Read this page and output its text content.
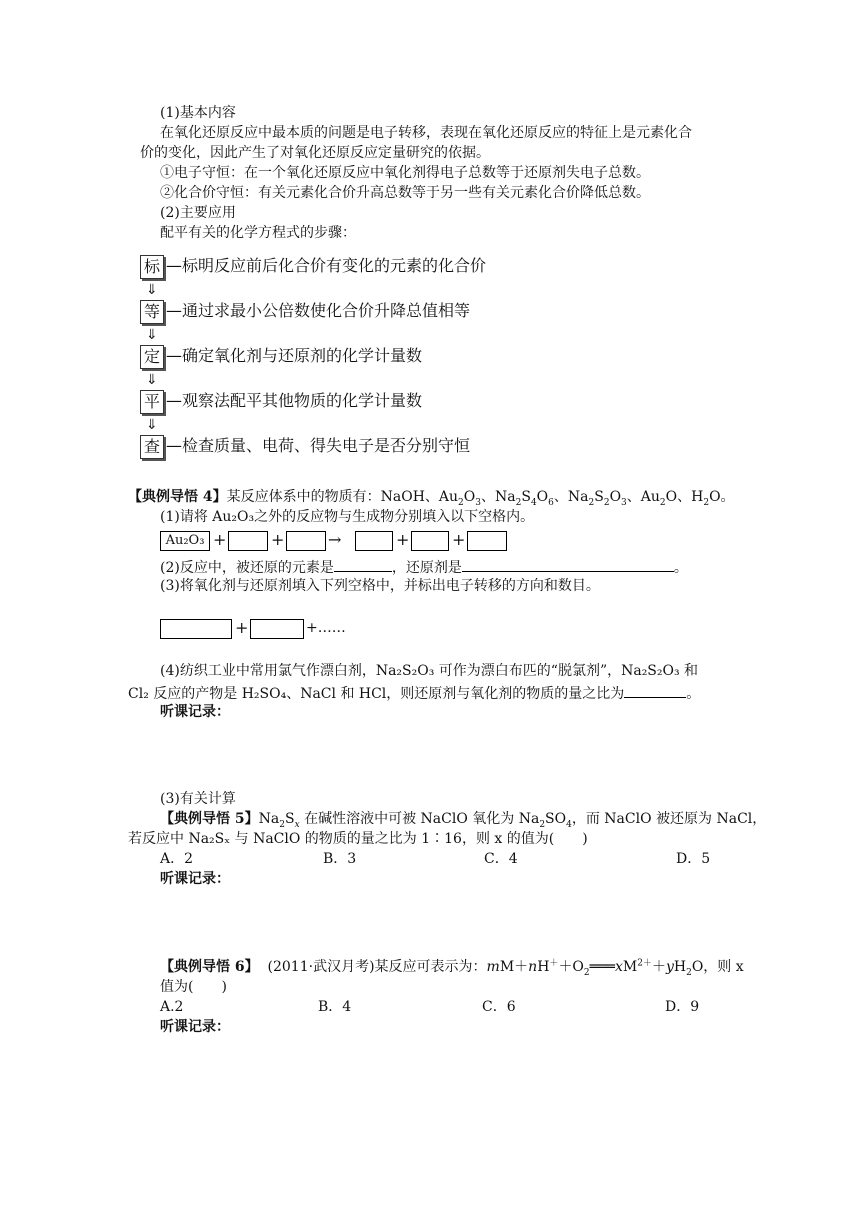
(1)基本内容
在氧化还原反应中最本质的问题是电子转移，表现在氧化还原反应的特征上是元素化合
价的变化，因此产生了对氧化还原反应定量研究的依据。
①电子守恒：在一个氧化还原反应中氧化剂得电子总数等于还原剂失电子总数。
②化合价守恒：有关元素化合价升高总数等于另一些有关元素化合价降低总数。
(2)主要应用
配平有关的化学方程式的步骤：
标 —标明反应前后化合价有变化的元素的化合价
⇓
等 —通过求最小公倍数使化合价升降总值相等
⇓
定 —确定氧化剂与还原剂的化学计量数
⇓
平 —观察法配平其他物质的化学计量数
⇓
查 —检查质量、电荷、得失电子是否分别守恒
【典例导悟 4】某反应体系中的物质有：NaOH、$Au_2O_3$、$Na_2S_4O_6$、$Na_2S_2O_3$、$Au_2O$、$H_2O$。
(1)请将 Au₂O₃之外的反应物与生成物分别填入以下空格内。
Au₂O₃ +	+	→	+	+
(2)反应中，被还原的元素是	，还原剂是	。
(3)将氧化剂与还原剂填入下列空格中，并标出电子转移的方向和数目。
+	+……
(4)纺织工业中常用氯气作漂白剂，Na₂S₂O₃ 可作为漂白布匹的“脱氯剂”，Na₂S₂O₃ 和
Cl₂ 反应的产物是 H₂SO₄、NaCl 和 HCl，则还原剂与氧化剂的物质的量之比为	。
听课记录：
(3)有关计算
【典例导悟 5】$Na_2S_x$ 在碱性溶液中可被 NaClO 氧化为 $Na_2SO_4$，而 NaClO 被还原为 NaCl，
若反应中 Na₂Sₓ 与 NaClO 的物质的量之比为 1∶16，则 x 的值为(　　)
A．2	B．3	C．4	D．5
听课记录：
【典例导悟 6】 (2011·武汉月考)某反应可表示为：$mM+nH^++O_2═══xM^{2+}+yH_2O$，则 x
值为(　　)
A.2	B．4	C．6	D．9
听课记录：
